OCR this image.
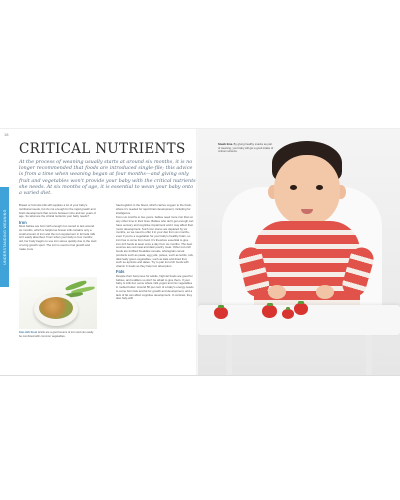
18
UNDERSTANDING WEANING
CRITICAL NUTRIENTS

At the process of weaning usually starts at around six months, it is no longer recommended that foods are introduced single-file; this advice is from a time when weaning began at four months—and giving only fruit and vegetables won't provide your baby with the critical nutrients she needs. At six months of age, it is essential to wean your baby onto a varied diet.

Breast or formula milk still supplies a lot of your baby's nutritional needs, but it's not enough for the rapid growth and brain development that occurs between nine and ten years of age. So what are the critical nutrients your baby needs?

Iron

Most babies are born with enough iron stored to last around six months, which is helpful as breast milk contains only a small amount of iron and the iron supplement in formula milk isn't easily absorbed. From when your baby is four months old, her body begins to use iron stores quickly due to the start of a big growth spurt. The iron is used to fuel growth and make more

Iron-rich food, lentils are a good source of iron and can easily be combined with common vegetables.

haemoglobin in the blood, which carries oxygen to the brain, where it's needed for rapid brain development, including for intelligence.

From six months to two years, babies need more iron than at any other time in their lives. Babies who don't get enough can have sensory and cognitive impairment and it may affect their motor development. Such iron stores are depleted by six months, so we need to offer it in your diet from six months, even if you're a vegetarian for your baby's healthy brain, so iron has to come from food. It's therefore essential to give iron-rich foods at least once a day from six months. The best sources are red meat and dark poultry meat. Other iron-rich foods are fortified breakfast cereals, wholegrain cereal products such as pasta, egg yolk, pulses, such as lentils, tofu, dark leafy green vegetables, such as kale and dried fruit, such as apricots and dates. Try to pair iron-rich foods with vitamin C foods as they help iron absorption.

Fats

Despite their bad press for adults, high-fat foods are good for babies, and toddlers so don't be afraid to give them. If your baby is milk fed, serve whole milk yogurt and mix vegetables in melted butter. Around 50 per cent of a baby's energy needs to come from fats and fat for growth and development, and a lack of fat can affect cognitive development. In contrast, they also help with

Snack time. By giving healthy snacks as part of weaning, your baby will get a good intake of critical nutrients.
